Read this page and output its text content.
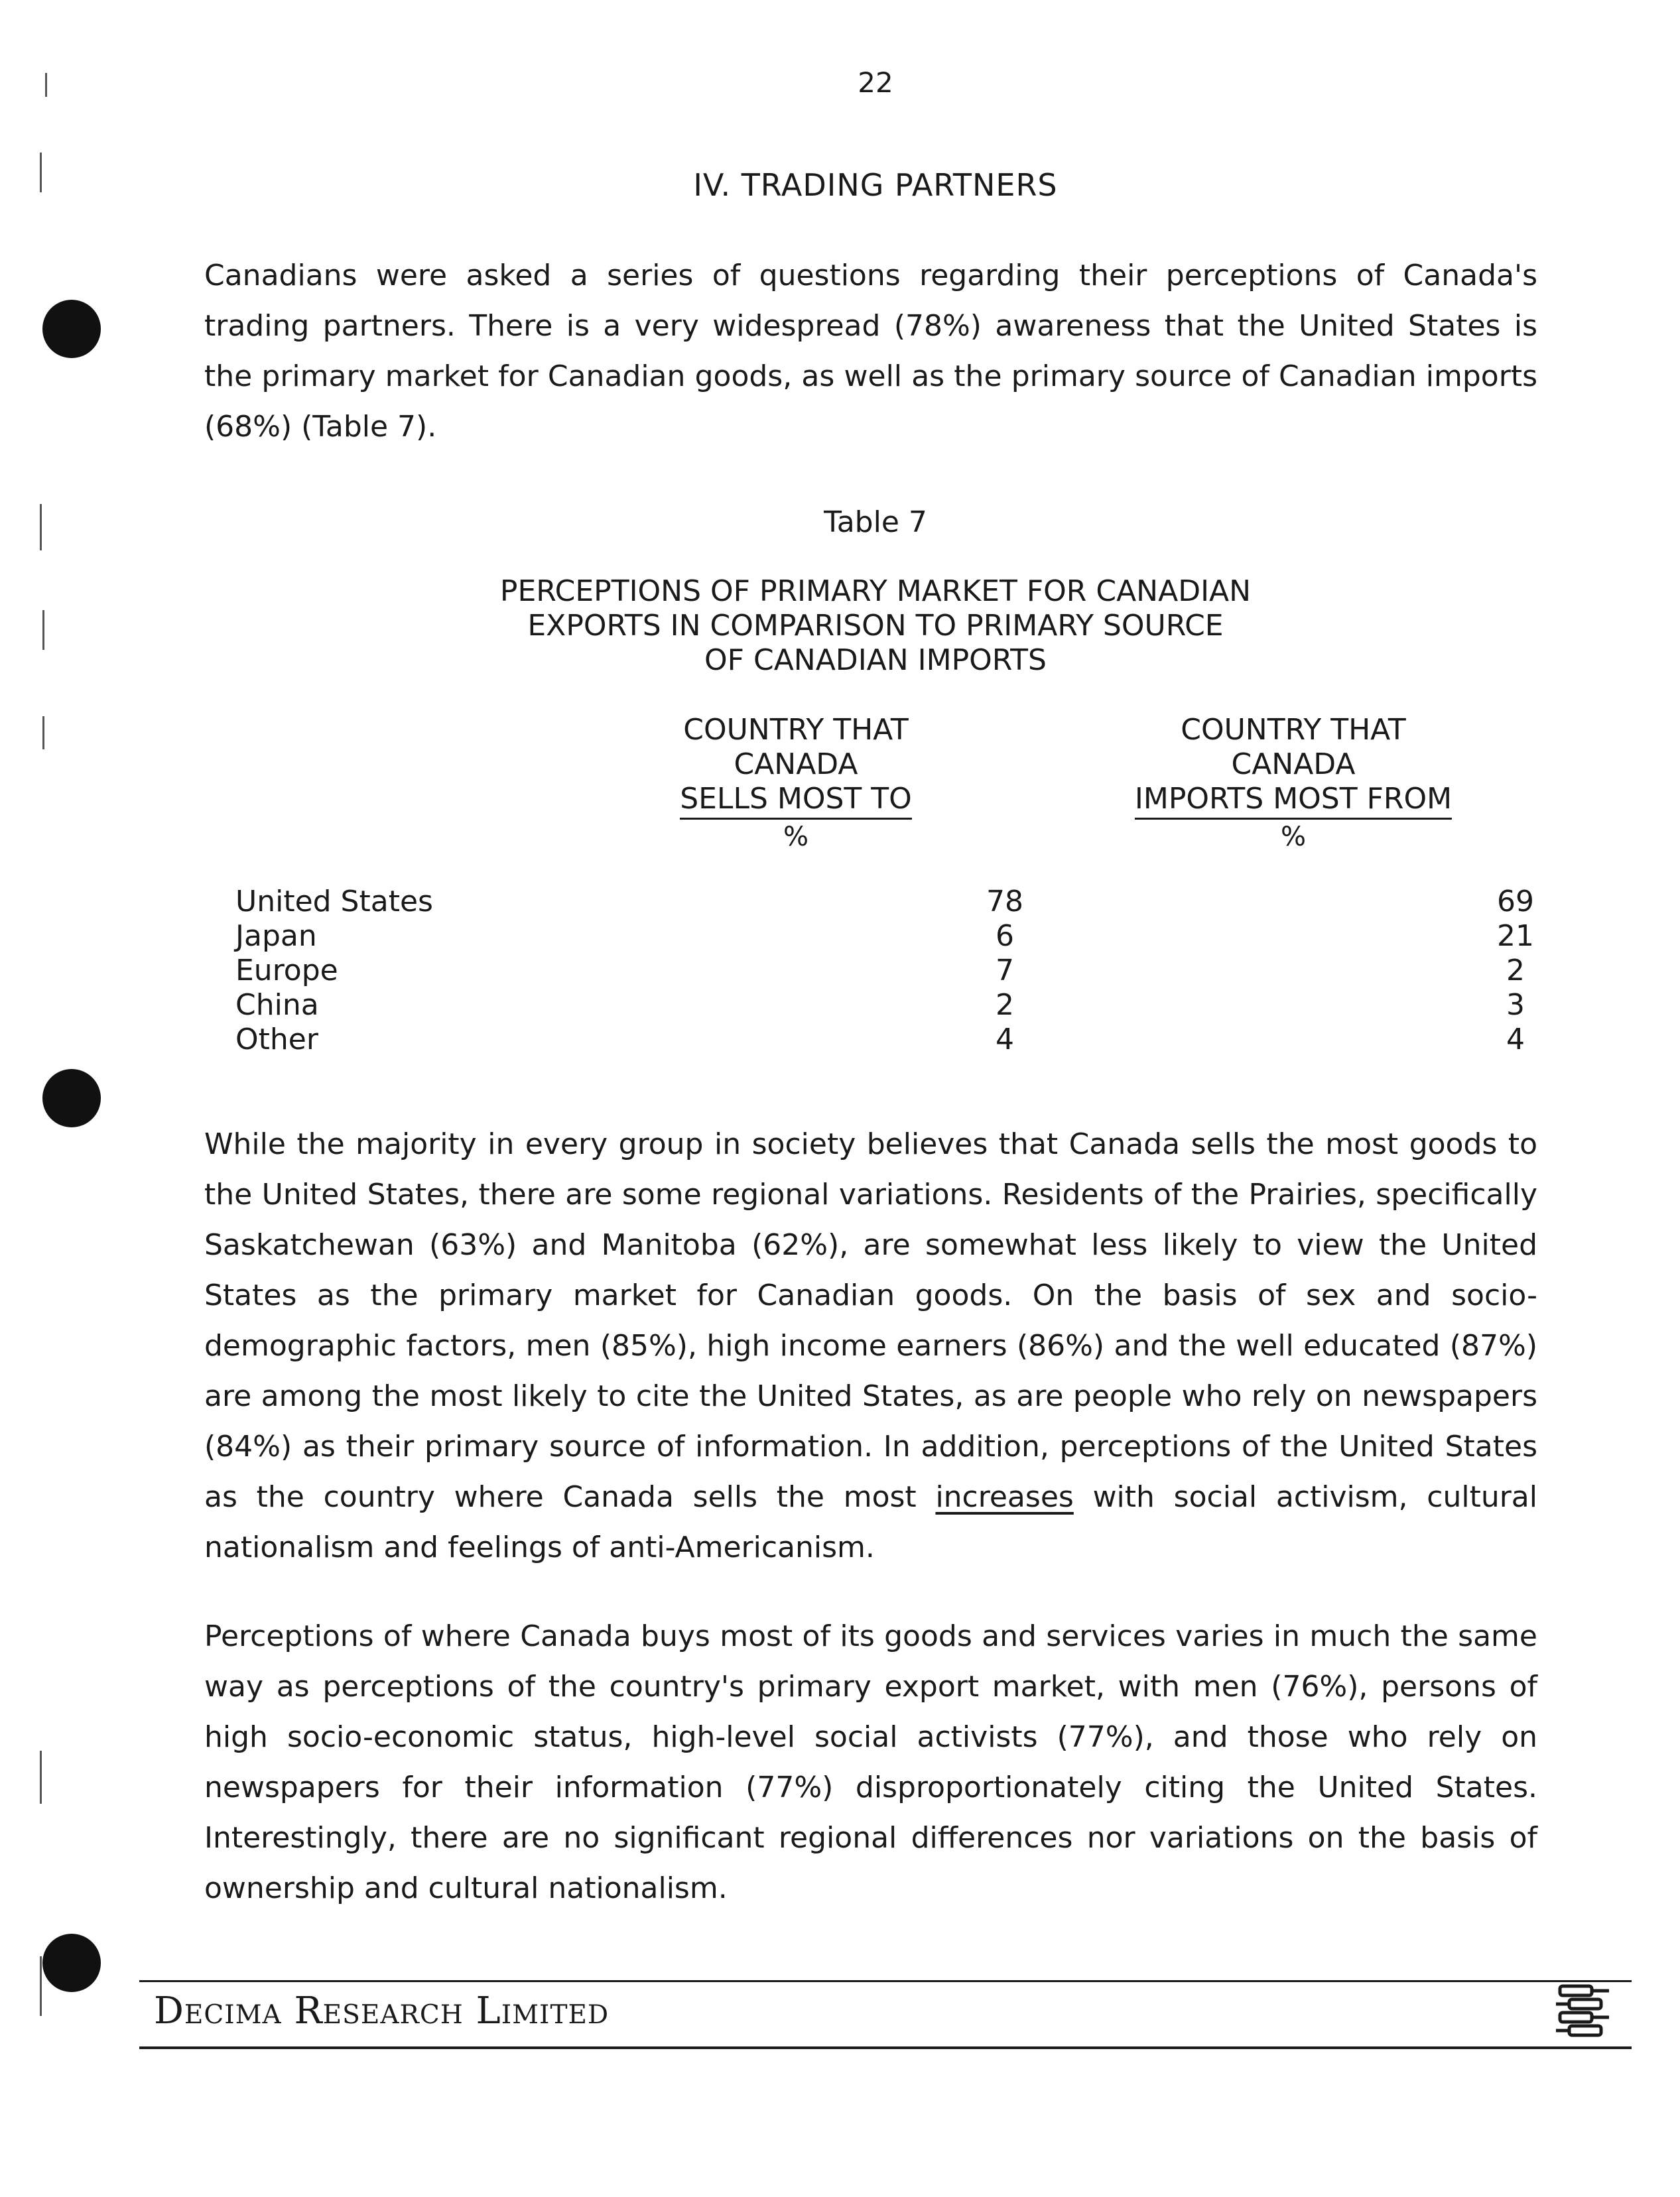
22
IV. TRADING PARTNERS
Canadians were asked a series of questions regarding their perceptions of Canada's trading partners. There is a very widespread (78%) awareness that the United States is the primary market for Canadian goods, as well as the primary source of Canadian imports (68%) (Table 7).
Table 7
PERCEPTIONS OF PRIMARY MARKET FOR CANADIAN
EXPORTS IN COMPARISON TO PRIMARY SOURCE
OF CANADIAN IMPORTS
COUNTRY THAT
CANADA
SELLS MOST TO
%
COUNTRY THAT
CANADA
IMPORTS MOST FROM
%
United States	78	69
Japan	6	21
Europe	7	2
China	2	3
Other	4	4
While the majority in every group in society believes that Canada sells the most goods to the United States, there are some regional variations. Residents of the Prairies, specifically Saskatchewan (63%) and Manitoba (62%), are somewhat less likely to view the United States as the primary market for Canadian goods. On the basis of sex and socio-demographic factors, men (85%), high income earners (86%) and the well educated (87%) are among the most likely to cite the United States, as are people who rely on newspapers (84%) as their primary source of information. In addition, perceptions of the United States as the country where Canada sells the most increases with social activism, cultural nationalism and feelings of anti-Americanism.
Perceptions of where Canada buys most of its goods and services varies in much the same way as perceptions of the country's primary export market, with men (76%), persons of high socio-economic status, high-level social activists (77%), and those who rely on newspapers for their information (77%) disproportionately citing the United States. Interestingly, there are no significant regional differences nor variations on the basis of ownership and cultural nationalism.
Decima Research Limited
